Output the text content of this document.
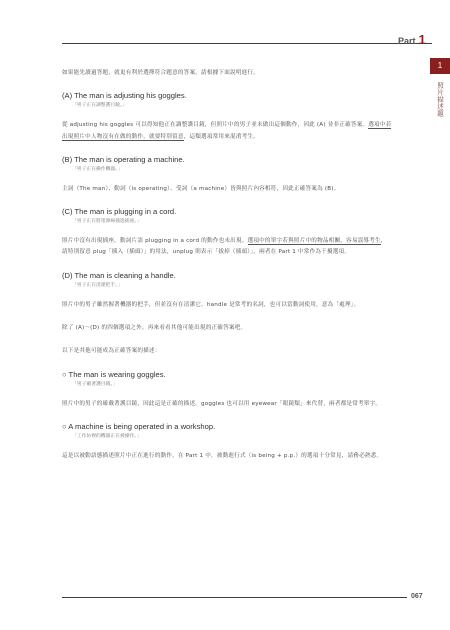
Part 1
1
照片描述題

如果能先讀過答題，就更有利於選擇符合題意的答案。請根據下面說明進行。

(A) The man is adjusting his goggles.

「男子正在調整護目鏡。」

從 adjusting his goggles 可以得知他正在調整護目鏡，但照片中的男子並未做出這個動作，因此 (A) 並非正確答案。選項中若出現照片中人物沒有在做的動作，就要特別留意，這類選項常用來混淆考生。

(B) The man is operating a machine.

「男子正在操作機器。」

主詞（The man）、動詞（is operating）、受詞（a machine）皆與照片內容相符，因此正確答案為 (B)。

(C) The man is plugging in a cord.

「男子正在將電源線插進插座。」

照片中沒有出現插座，動詞片語 plugging in a cord 的動作也未出現。選項中的單字若與照片中的物品相關，容易誤導考生，請特別留意 plug「插入（插頭）」的用法，unplug 則表示「拔掉（插頭）」，兩者在 Part 1 中常作為干擾選項。

(D) The man is cleaning a handle.

「男子正在清潔把手。」

照片中的男子雖然握著機器的把手，但並沒有在清潔它。handle 是常考的名詞，也可以當動詞使用，意為「處理」。

除了 (A)～(D) 的四個選項之外，再來看看其他可能出現的正確答案吧。

以下是其他可能成為正確答案的描述：

○ The man is wearing goggles.

「男子戴著護目鏡。」

照片中的男子的確戴著護目鏡，因此這是正確的描述。goggles 也可以用 eyewear「眼鏡類」來代替，兩者都是常考單字。

○ A machine is being operated in a workshop.

「工作坊裡的機器正在被操作。」

這是以被動語態描述照片中正在進行的動作。在 Part 1 中，被動進行式（is being + p.p.）的選項十分常見，請務必熟悉。

067
